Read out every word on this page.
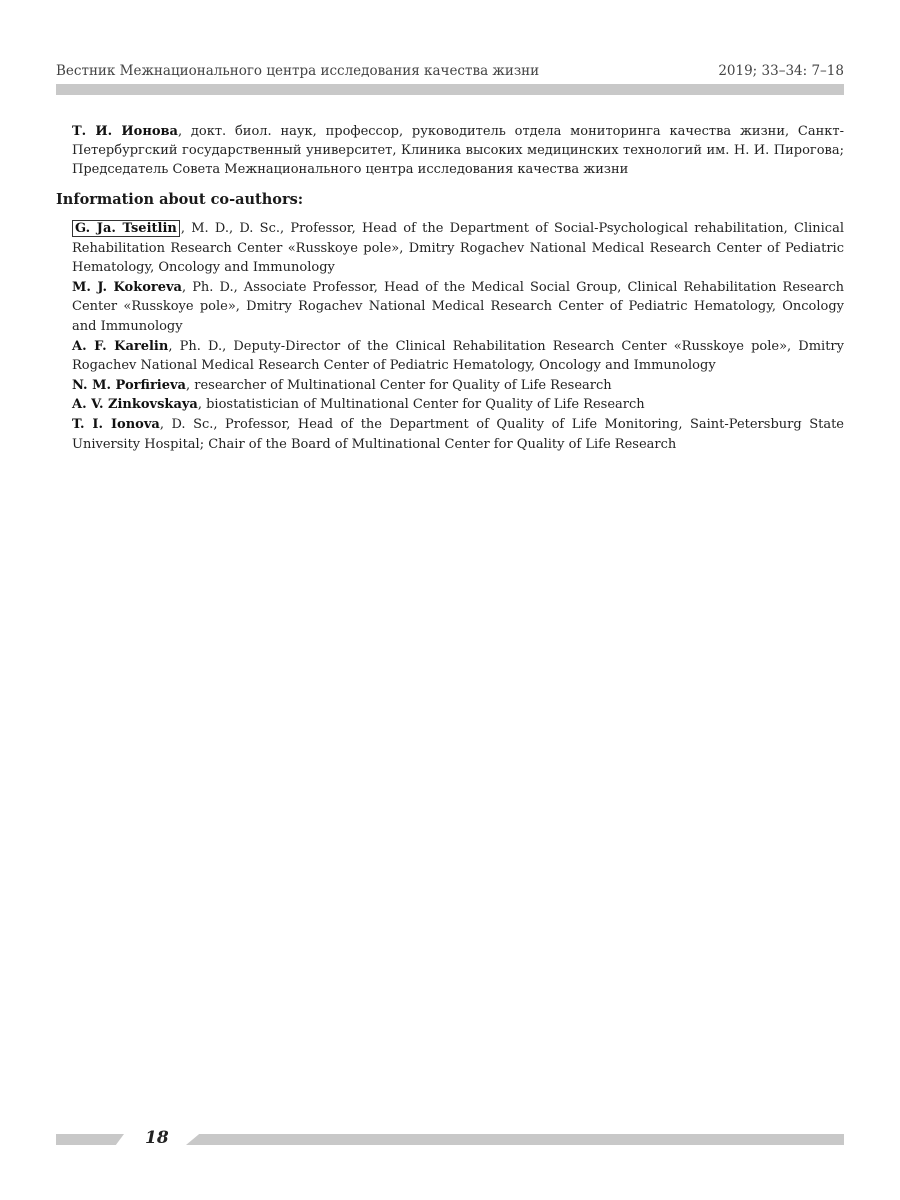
Вестник Межнационального центра исследования качества жизни	2019; 33–34: 7–18

Т. И. Ионова, докт. биол. наук, профессор, руководитель отдела мониторинга качества жизни, Санкт-Петербургский государственный университет, Клиника высоких медицинских технологий им. Н. И. Пирогова; Председатель Совета Межнационального центра исследования качества жизни

Information about co-authors:

G. Ja. Tseitlin , M. D., D. Sc., Professor, Head of the Department of Social-Psychological rehabilitation, Clinical Rehabilitation Research Center «Russkoye pole», Dmitry Rogachev National Medical Research Center of Pediatric Hematology, Oncology and Immunology

M. J. Kokoreva, Ph. D., Associate Professor, Head of the Medical Social Group, Clinical Rehabilitation Research Center «Russkoye pole», Dmitry Rogachev National Medical Research Center of Pediatric Hematology, Oncology and Immunology

A. F. Karelin, Ph. D., Deputy-Director of the Clinical Rehabilitation Research Center «Russkoye pole», Dmitry Rogachev National Medical Research Center of Pediatric Hematology, Oncology and Immunology

N. M. Porfirieva, researcher of Multinational Center for Quality of Life Research

A. V. Zinkovskaya, biostatistician of Multinational Center for Quality of Life Research

T. I. Ionova, D. Sc., Professor, Head of the Department of Quality of Life Monitoring, Saint-Petersburg State University Hospital; Chair of the Board of Multinational Center for Quality of Life Research

18
